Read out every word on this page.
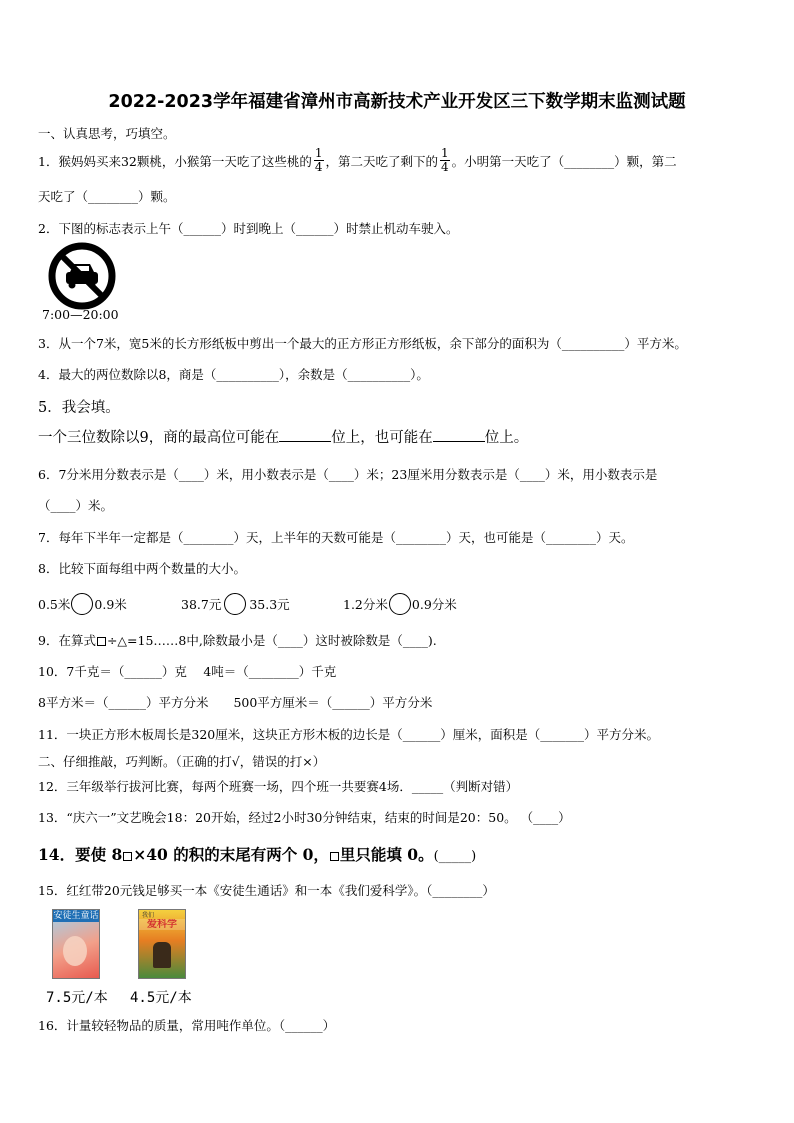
2022-2023学年福建省漳州市高新技术产业开发区三下数学期末监测试题
一、认真思考，巧填空。
1．猴妈妈买来32颗桃，小猴第一天吃了这些桃的 $\frac{1}{4}$ ，第二天吃了剩下的 $\frac{1}{4}$ 。小明第一天吃了（________）颗，第二
天吃了（________）颗。
2．下图的标志表示上午（______）时到晚上（______）时禁止机动车驶入。
7:00—20:00
3．从一个7米，宽5米的长方形纸板中剪出一个最大的正方形正方形纸板，余下部分的面积为（__________）平方米。
4．最大的两位数除以8，商是（__________），余数是（__________）。
5．我会填。
一个三位数除以9，商的最高位可能在	位上，也可能在	位上。
6．7分米用分数表示是（____）米，用小数表示是（____）米；23厘米用分数表示是（____）米，用小数表示是
（____）米。
7．每年下半年一定都是（________）天，上半年的天数可能是（________）天，也可能是（________）天。
8．比较下面每组中两个数量的大小。
0.5米 0.9米	38.7元 35.3元	1.2分米 0.9分米
9．在算式 ÷△=15……8中,除数最小是（____）这时被除数是（____).
10．7千克＝（______）克　 4吨＝（________）千克
8平方米＝（______）平方分米　　500平方厘米＝（______）平方分米
11．一块正方形木板周长是320厘米，这块正方形木板的边长是（______）厘米，面积是（_______）平方分米。
二、仔细推敲，巧判断。（正确的打√，错误的打×）
12．三年级举行拔河比赛，每两个班赛一场，四个班一共要赛4场．_____（判断对错）
13．“庆六一”文艺晚会18：20开始，经过2小时30分钟结束，结束的时间是20：50。 （____）
14．要使 8 ×40 的积的末尾有两个 0， 里只能填 0。(_____)
15．红红带20元钱足够买一本《安徒生通话》和一本《我们爱科学》。（________）
安徒生童话	我们
爱科学
7.5元/本 4.5元/本
16．计量较轻物品的质量，常用吨作单位。（______）
